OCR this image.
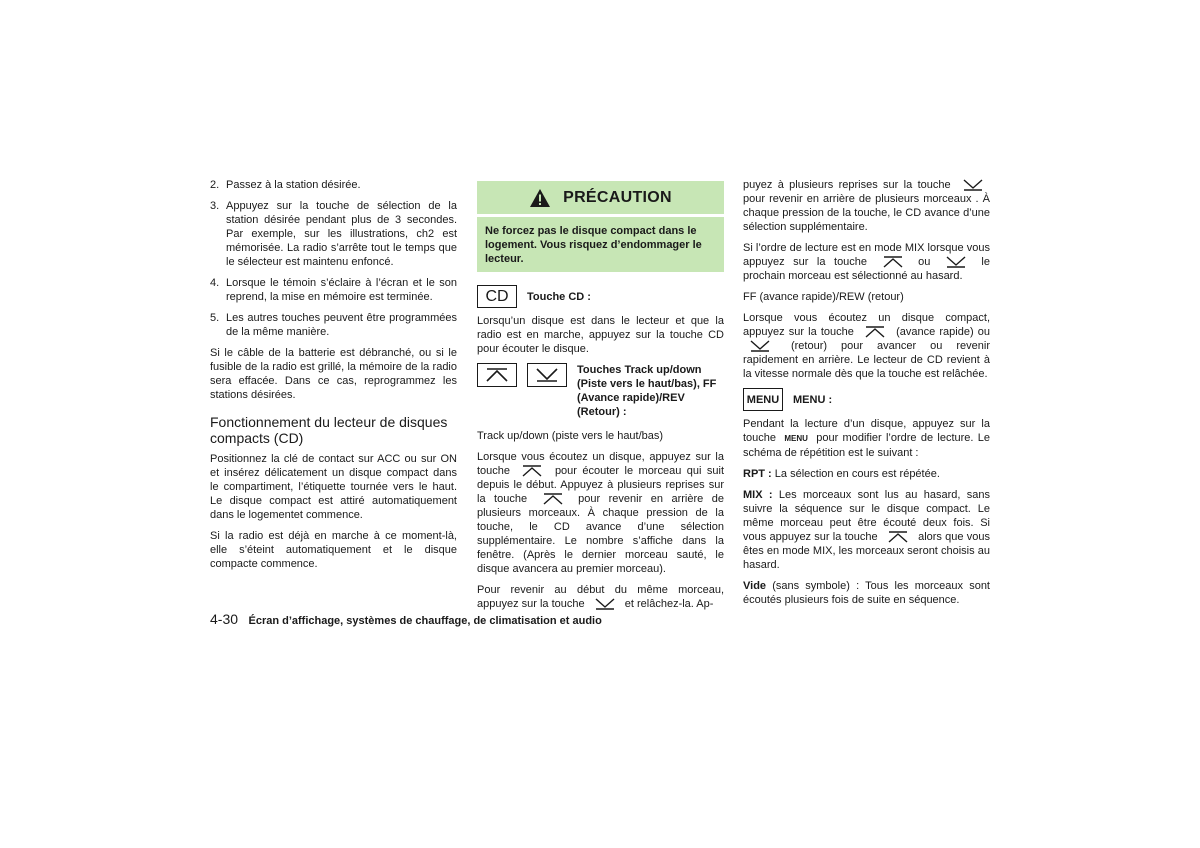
2. Passez à la station désirée.
3. Appuyez sur la touche de sélection de la station désirée pendant plus de 3 secondes. Par exemple, sur les illustrations, ch2 est mémorisée. La radio s’arrête tout le temps que le sélecteur est maintenu enfoncé.
4. Lorsque le témoin s’éclaire à l’écran et le son reprend, la mise en mémoire est terminée.
5. Les autres touches peuvent être programmées de la même manière.

Si le câble de la batterie est débranché, ou si le fusible de la radio est grillé, la mémoire de la radio sera effacée. Dans ce cas, reprogrammez les stations désirées.

Fonctionnement du lecteur de disques compacts (CD)

Positionnez la clé de contact sur ACC ou sur ON et insérez délicatement un disque compact dans le compartiment, l’étiquette tournée vers le haut. Le disque compact est attiré automatiquement dans le logementet commence.

Si la radio est déjà en marche à ce moment-là, elle s’éteint automatiquement et le disque compacte commence.

PRÉCAUTION
Ne forcez pas le disque compact dans le logement. Vous risquez d’endommager le lecteur.
CD	Touche CD :

Lorsqu’un disque est dans le lecteur et que la radio est en marche, appuyez sur la touche CD pour écouter le disque.

Touches Track up/down (Piste vers le haut/bas), FF (Avance rapide)/REV (Retour) :

Track up/down (piste vers le haut/bas)

Lorsque vous écoutez un disque, appuyez sur la touche	pour écouter le morceau qui suit depuis le début. Appuyez à plusieurs reprises sur la touche	pour revenir en arrière de plusieurs morceaux. À chaque pression de la touche, le CD avance d’une sélection supplémentaire. Le nombre s’affiche dans la fenêtre. (Après le dernier morceau sauté, le disque avancera au premier morceau).

Pour revenir au début du même morceau, appuyez sur la touche	et relâchez-la. Ap-

puyez à plusieurs reprises sur la touche  pour revenir en arrière de plusieurs morceaux . À chaque pression de la touche, le CD avance d’une sélection supplémentaire.

Si l’ordre de lecture est en mode MIX lorsque vous appuyez sur la touche	ou	le prochain morceau est sélectionné au hasard.

FF (avance rapide)/REW (retour)

Lorsque vous écoutez un disque compact, appuyez sur la touche	(avance rapide) ou  (retour) pour avancer ou revenir rapidement en arrière. Le lecteur de CD revient à la vitesse normale dès que la touche est relâchée.

MENU	MENU :

Pendant la lecture d’un disque, appuyez sur la touche MENU pour modifier l’ordre de lecture. Le schéma de répétition est le suivant :

RPT : La sélection en cours est répétée.

MIX : Les morceaux sont lus au hasard, sans suivre la séquence sur le disque compact. Le même morceau peut être écouté deux fois. Si vous appuyez sur la touche	alors que vous êtes en mode MIX, les morceaux seront choisis au hasard.

Vide (sans symbole) : Tous les morceaux sont écoutés plusieurs fois de suite en séquence.

4-30 Écran d’affichage, systèmes de chauffage, de climatisation et audio
